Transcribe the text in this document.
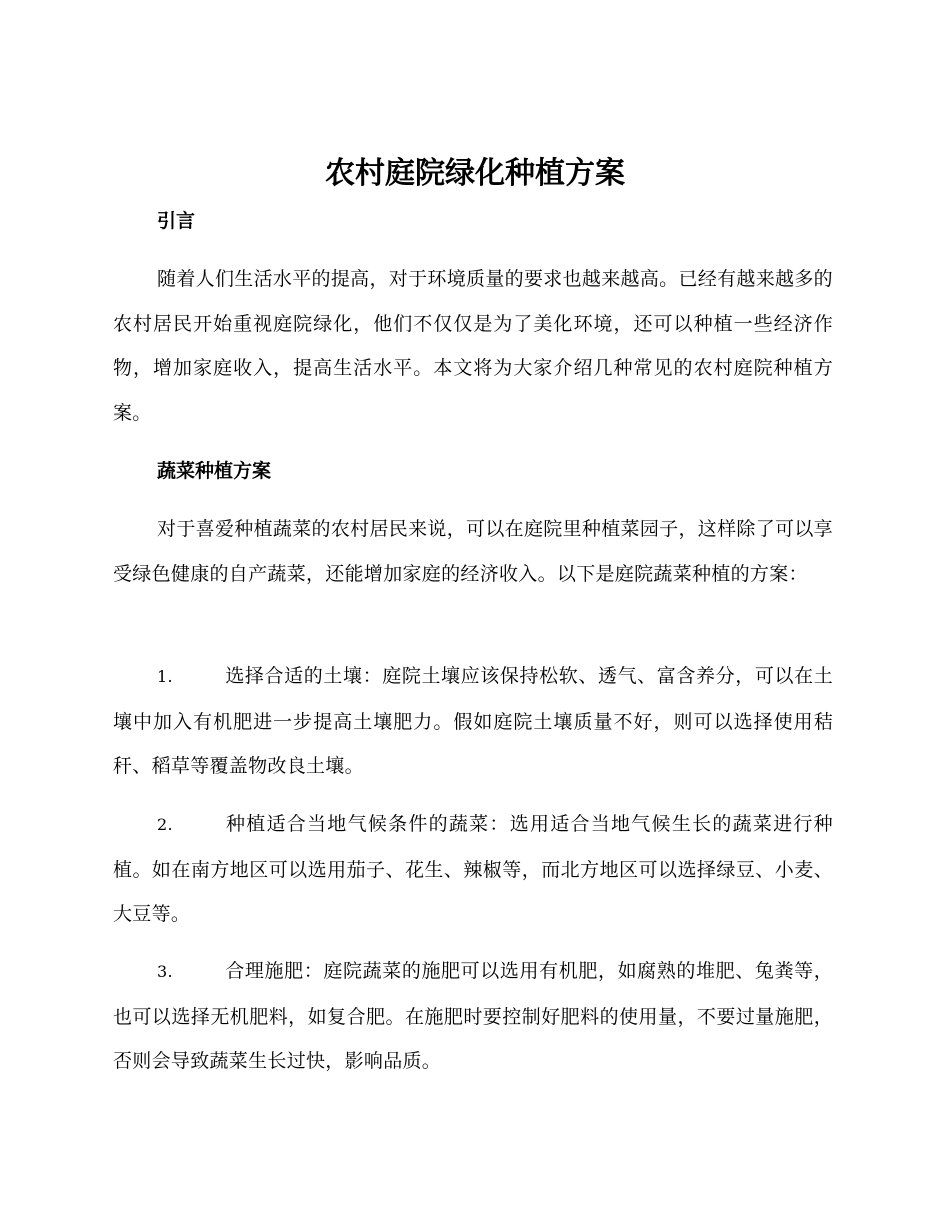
农村庭院绿化种植方案
引言

随着人们生活水平的提高，对于环境质量的要求也越来越高。已经有越来越多的农村居民开始重视庭院绿化，他们不仅仅是为了美化环境，还可以种植一些经济作物，增加家庭收入，提高生活水平。本文将为大家介绍几种常见的农村庭院种植方案。

蔬菜种植方案

对于喜爱种植蔬菜的农村居民来说，可以在庭院里种植菜园子，这样除了可以享受绿色健康的自产蔬菜，还能增加家庭的经济收入。以下是庭院蔬菜种植的方案：

1.	选择合适的土壤：庭院土壤应该保持松软、透气、富含养分，可以在土壤中加入有机肥进一步提高土壤肥力。假如庭院土壤质量不好，则可以选择使用秸秆、稻草等覆盖物改良土壤。

2.	种植适合当地气候条件的蔬菜：选用适合当地气候生长的蔬菜进行种植。如在南方地区可以选用茄子、花生、辣椒等，而北方地区可以选择绿豆、小麦、大豆等。

3.	合理施肥：庭院蔬菜的施肥可以选用有机肥，如腐熟的堆肥、兔粪等，也可以选择无机肥料，如复合肥。在施肥时要控制好肥料的使用量，不要过量施肥，否则会导致蔬菜生长过快，影响品质。
